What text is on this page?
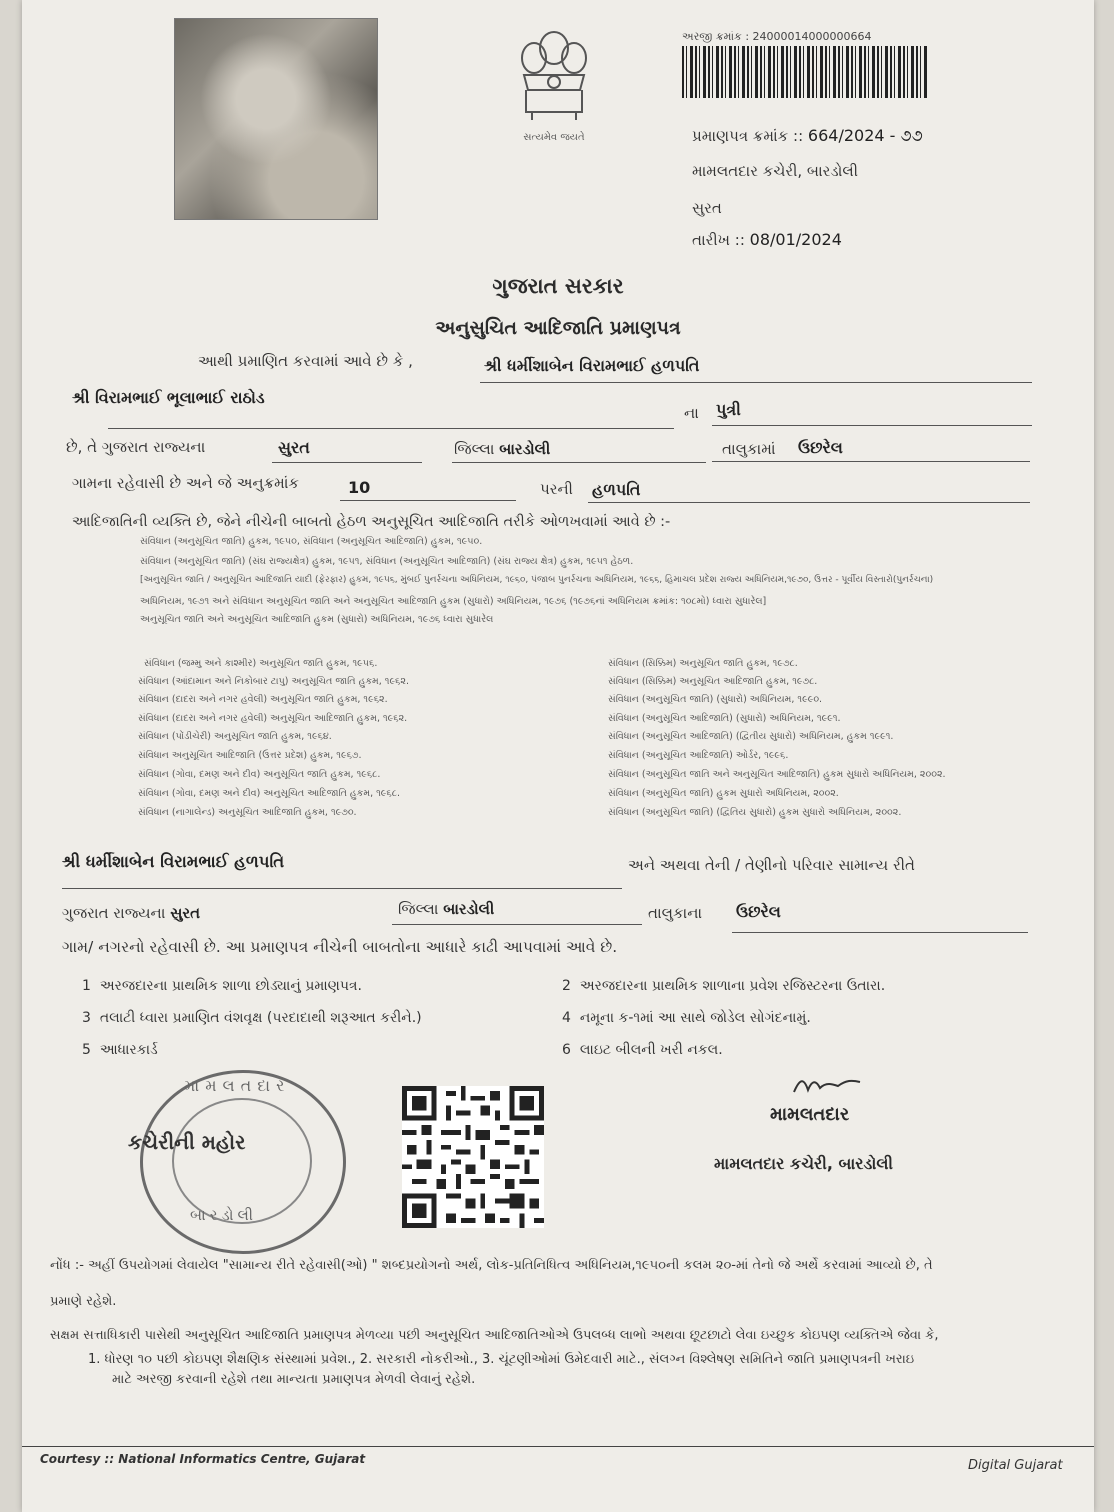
સત્યમેવ જયતે
અરજી ક્રમાંક : 24000014000000664
પ્રમાણપત્ર ક્રમાંક :: 664/2024 - ૭૭
મામલતદાર કચેરી, બારડોલી
સુરત
તારીખ :: 08/01/2024
ગુજરાત સરકાર
અનુસુચિત આદિજાતિ પ્રમાણપત્ર
આથી પ્રમાણિત કરવામાં આવે છે કે ,	શ્રી ધર્મીશાબેન વિરામભાઈ હળપતિ
શ્રી વિરામભાઈ ભૂલાભાઈ રાઠોડ
ના પુત્રી
છે, તે ગુજરાત રાજ્યના	સુરત	જિલ્લા બારડોલી	તાલુકામાં ઉછરેલ
ગામના રહેવાસી છે અને જે અનુક્રમાંક	10	પરની હળપતિ
આદિજાતિની વ્યક્તિ છે, જેને નીચેની બાબતો હેઠળ અનુસૂચિત આદિજાતિ તરીકે ઓળખવામાં આવે છે :-
સંવિધાન (અનુસૂચિત જાતિ) હુકમ, ૧૯૫૦, સંવિધાન (અનુસૂચિત આદિજાતિ) હુકમ, ૧૯૫૦.
સંવિધાન (અનુસૂચિત જાતિ) (સંઘ રાજ્યક્ષેત્ર) હુકમ, ૧૯૫૧, સંવિધાન (અનુસૂચિત આદિજાતિ) (સંઘ રાજ્ય ક્ષેત્ર) હુકમ, ૧૯૫૧ હેઠળ.
[અનુસૂચિત જાતિ / અનુસૂચિત આદિજાતિ યાદી (ફેરફાર) હુકમ, ૧૯૫૬, મુંબઈ પુનર્રચના અધિનિયમ, ૧૯૬૦, પંજાબ પુનર્રચના અધિનિયમ, ૧૯૬૬, હિમાચલ પ્રદેશ રાજ્ય અધિનિયમ,૧૯૭૦, ઉત્તર - પૂર્વીય વિસ્તારો(પુનર્રચના)
અધિનિયમ, ૧૯૭૧ અને સંવિધાન અનુસૂચિત જાતિ અને અનુસૂચિત આદિજાતિ હુકમ (સુધારો) અધિનિયમ, ૧૯૭૬ (૧૯૭૬નાં અધિનિયમ ક્રમાંક: ૧૦૮મો) ધ્વારા સુધારેલ]
અનુસૂચિત જાતિ અને અનુસૂચિત આદિજાતિ હુકમ (સુધારો) અધિનિયમ, ૧૯૭૬ ધ્વારા સુધારેલ
સંવિધાન (જમ્મુ અને કાશ્મીર) અનુસૂચિત જાતિ હુકમ, ૧૯૫૬.
સંવિધાન (આંદામાન અને નિકોબાર ટાપુ) અનુસૂચિત જાતિ હુકમ, ૧૯૬૨.
સંવિધાન (દાદરા અને નગર હવેલી) અનુસૂચિત જાતિ હુકમ, ૧૯૬૨.
સંવિધાન (દાદરા અને નગર હવેલી) અનુસૂચિત આદિજાતિ હુકમ, ૧૯૬૨.
સંવિધાન (પોંડીચેરી) અનુસૂચિત જાતિ હુકમ, ૧૯૬૪.
સંવિધાન અનુસૂચિત આદિજાતિ (ઉત્તર પ્રદેશ) હુકમ, ૧૯૬૭.
સંવિધાન (ગોવા, દમણ અને દીવ) અનુસૂચિત જાતિ હુકમ, ૧૯૬૮.
સંવિધાન (ગોવા, દમણ અને દીવ) અનુસૂચિત આદિજાતિ હુકમ, ૧૯૬૮.
સંવિધાન (નાગાલેન્ડ) અનુસૂચિત આદિજાતિ હુકમ, ૧૯૭૦.
સંવિધાન (સિક્કિમ) અનુસૂચિત જાતિ હુકમ, ૧૯૭૮.
સંવિધાન (સિક્કિમ) અનુસૂચિત આદિજાતિ હુકમ, ૧૯૭૮.
સંવિધાન (અનુસૂચિત જાતિ) (સુધારો) અધિનિયમ, ૧૯૯૦.
સંવિધાન (અનુસૂચિત આદિજાતિ) (સુધારો) અધિનિયમ, ૧૯૯૧.
સંવિધાન (અનુસૂચિત આદિજાતિ) (દ્વિતીય સુધારો) અધિનિયમ, હુકમ ૧૯૯૧.
સંવિધાન (અનુસૂચિત આદિજાતિ) ઓર્ડર, ૧૯૯૬.
સંવિધાન (અનુસૂચિત જાતિ અને અનુસૂચિત આદિજાતિ) હુકમ સુધારો અધિનિયમ, ૨૦૦૨.
સંવિધાન (અનુસૂચિત જાતિ) હુકમ સુધારો અધિનિયમ, ૨૦૦૨.
સંવિધાન (અનુસૂચિત જાતિ) (દ્વિતિય સુધારો) હુકમ સુધારો અધિનિયમ, ૨૦૦૨.
શ્રી ધર્મીશાબેન વિરામભાઈ હળપતિ	અને અથવા તેની / તેણીનો પરિવાર સામાન્ય રીતે
ગુજરાત રાજ્યના સુરત	જિલ્લા બારડોલી	તાલુકાના ઉછરેલ
ગામ/ નગરનો રહેવાસી છે. આ પ્રમાણપત્ર નીચેની બાબતોના આધારે કાઢી આપવામાં આવે છે.
1 અરજદારના પ્રાથમિક શાળા છોડ્યાનું પ્રમાણપત્ર.	2 અરજદારના પ્રાથમિક શાળાના પ્રવેશ રજિસ્ટરના ઉતારા.
3 તલાટી ધ્વારા પ્રમાણિત વંશવૃક્ષ (પરદાદાથી શરૂઆત કરીને.)	4 નમૂના ક-૧માં આ સાથે જોડેલ સોગંદનામું.
5 આધારકાર્ડ	6 લાઇટ બીલની ખરી નકલ.
મામલતદાર
કચેરીની મહોર
બારડોલી
મામલતદાર
મામલતદાર કચેરી, બારડોલી
નોંધ :- અહીં ઉપયોગમાં લેવાયેલ "સામાન્ય રીતે રહેવાસી(ઓ) " શબ્દપ્રયોગનો અર્થ, લોક-પ્રતિનિધિત્વ અધિનિયમ,૧૯૫૦ની કલમ ૨૦-માં તેનો જે અર્થે કરવામાં આવ્યો છે, તે
પ્રમાણે રહેશે.
સક્ષમ સત્તાધિકારી પાસેથી અનુસૂચિત આદિજાતિ પ્રમાણપત્ર મેળવ્યા પછી અનુસૂચિત આદિજાતિઓએ ઉપલબ્ધ લાભો અથવા છૂટછાટો લેવા ઇચ્છુક કોઇપણ વ્યક્તિએ જેવા કે,
1. ધોરણ ૧૦ પછી કોઇપણ શૈક્ષણિક સંસ્થામાં પ્રવેશ., 2. સરકારી નોકરીઓ., 3. ચૂંટણીઓમાં ઉમેદવારી માટે., સંલગ્ન વિશ્લેષણ સમિતિને જાતિ પ્રમાણપત્રની ખરાઇ
માટે અરજી કરવાની રહેશે તથા માન્યતા પ્રમાણપત્ર મેળવી લેવાનું રહેશે.
Courtesy :: National Informatics Centre, Gujarat	Digital Gujarat
